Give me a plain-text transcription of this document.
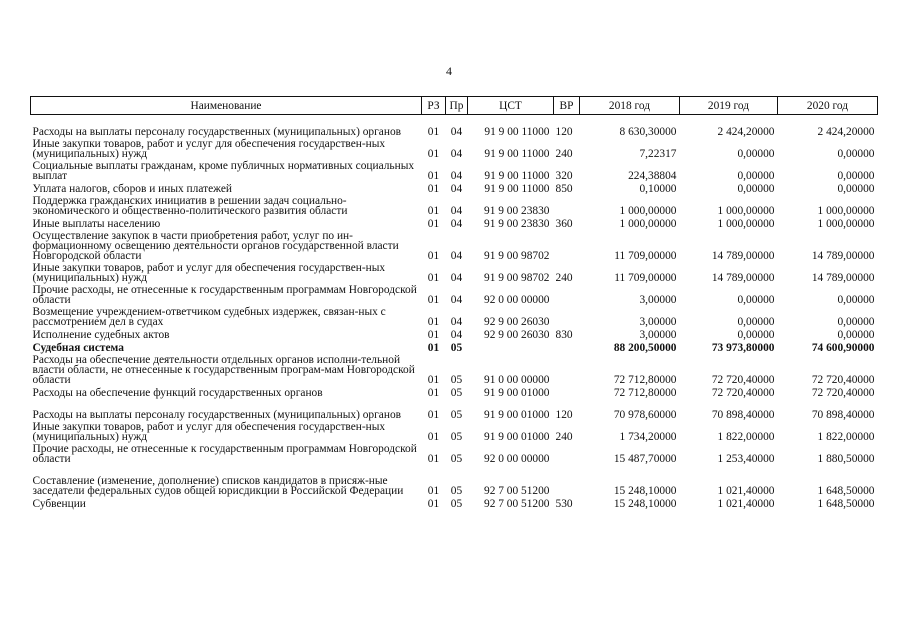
4
Наименование	РЗ	Пр	ЦСТ	ВР	2018 год	2019 год	2020 год
Расходы на выплаты персоналу государственных (муниципальных) органов	01	04	91 9 00 11000	120	8 630,30000	2 424,20000	2 424,20000
Иные закупки товаров, работ и услуг для обеспечения государствен-ных (муниципальных) нужд	01	04	91 9 00 11000	240	7,22317	0,00000	0,00000
Социальные выплаты гражданам, кроме публичных нормативных социальных выплат	01	04	91 9 00 11000	320	224,38804	0,00000	0,00000
Уплата налогов, сборов и иных платежей	01	04	91 9 00 11000	850	0,10000	0,00000	0,00000
Поддержка гражданских инициатив в решении задач социально-экономического и общественно-политического развития области	01	04	91 9 00 23830		1 000,00000	1 000,00000	1 000,00000
Иные выплаты населению	01	04	91 9 00 23830	360	1 000,00000	1 000,00000	1 000,00000
Осуществление закупок в части приобретения работ, услуг по ин-формационному освещению деятельности органов государственной власти Новгородской области	01	04	91 9 00 98702		11 709,00000	14 789,00000	14 789,00000
Иные закупки товаров, работ и услуг для обеспечения государствен-ных (муниципальных) нужд	01	04	91 9 00 98702	240	11 709,00000	14 789,00000	14 789,00000
Прочие расходы, не отнесенные к государственным программам Новгородской области	01	04	92 0 00 00000		3,00000	0,00000	0,00000
Возмещение учреждением-ответчиком судебных издержек, связан-ных с рассмотрением дел в судах	01	04	92 9 00 26030		3,00000	0,00000	0,00000
Исполнение судебных актов	01	04	92 9 00 26030	830	3,00000	0,00000	0,00000
Судебная система	01	05			88 200,50000	73 973,80000	74 600,90000
Расходы на обеспечение деятельности отдельных органов исполни-тельной власти области, не отнесенные к государственным програм-мам Новгородской области	01	05	91 0 00 00000		72 712,80000	72 720,40000	72 720,40000
Расходы на обеспечение функций государственных органов	01	05	91 9 00 01000		72 712,80000	72 720,40000	72 720,40000
Расходы на выплаты персоналу государственных (муниципальных) органов	01	05	91 9 00 01000	120	70 978,60000	70 898,40000	70 898,40000
Иные закупки товаров, работ и услуг для обеспечения государствен-ных (муниципальных) нужд	01	05	91 9 00 01000	240	1 734,20000	1 822,00000	1 822,00000
Прочие расходы, не отнесенные к государственным программам Новгородской области	01	05	92 0 00 00000		15 487,70000	1 253,40000	1 880,50000
Составление (изменение, дополнение) списков кандидатов в присяж-ные заседатели федеральных судов общей юрисдикции в Российской Федерации	01	05	92 7 00 51200		15 248,10000	1 021,40000	1 648,50000
Субвенции	01	05	92 7 00 51200	530	15 248,10000	1 021,40000	1 648,50000
